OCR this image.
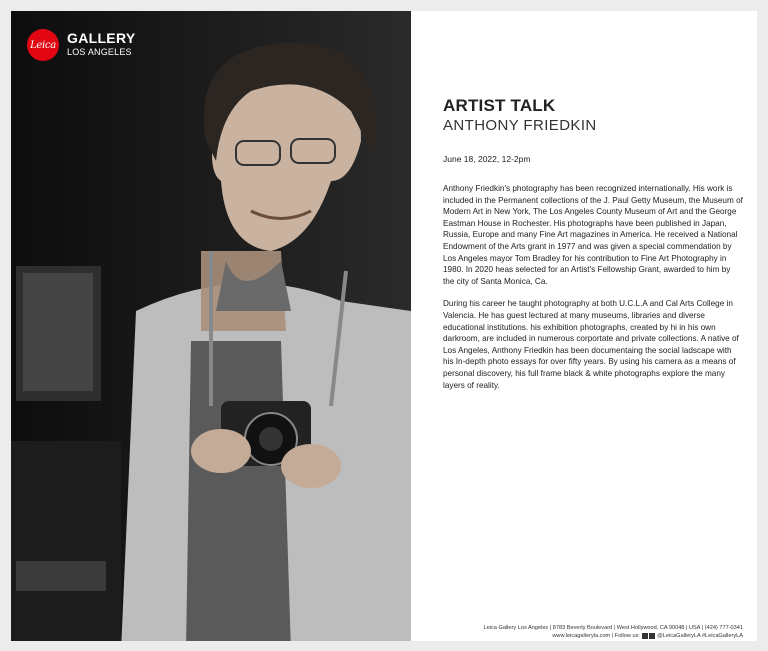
Leica GALLERY
LOS ANGELES
ARTIST TALK
ANTHONY FRIEDKIN
June 18, 2022, 12-2pm
Anthony Friedkin's photography has been recognized internationally. His work is included in the Permanent collections of the J. Paul Getty Museum, the Museum of Modern Art in New York, The Los Angeles County Museum of Art and the George Eastman House in Rochester. His photographs have been published in Japan, Russia, Europe and many Fine Art magazines in America. He received a National Endowment of the Arts grant in 1977 and was given a special commendation by Los Angeles mayor Tom Bradley for his contribution to Fine Art Photography in 1980. In 2020 heas selected for an Artist's Fellowship Grant, awarded to him by the city of Santa Monica, Ca.
During his career he taught photography at both U.C.L.A and Cal Arts College in Valencia. He has guest lectured at many museums, libraries and diverse educational institutions. his exhibition photographs, created by hi in his own darkroom, are included in numerous corportate and private collections. A native of Los Angeles, Anthony Friedkin has been documentaing the social ladscape with his In-depth photo essays for over fifty years. By using his camera as a means of personal discovery, his full frame black & white photographs explore the many layers of reality.
Leica Gallery Los Angeles | 8783 Beverly Boulevard | West Hollywood, CA 90048 | USA | (424) 777-0341
www.leicagalleryla.com | Follow us:	@LeicaGalleryLA #LeicaGalleryLA
